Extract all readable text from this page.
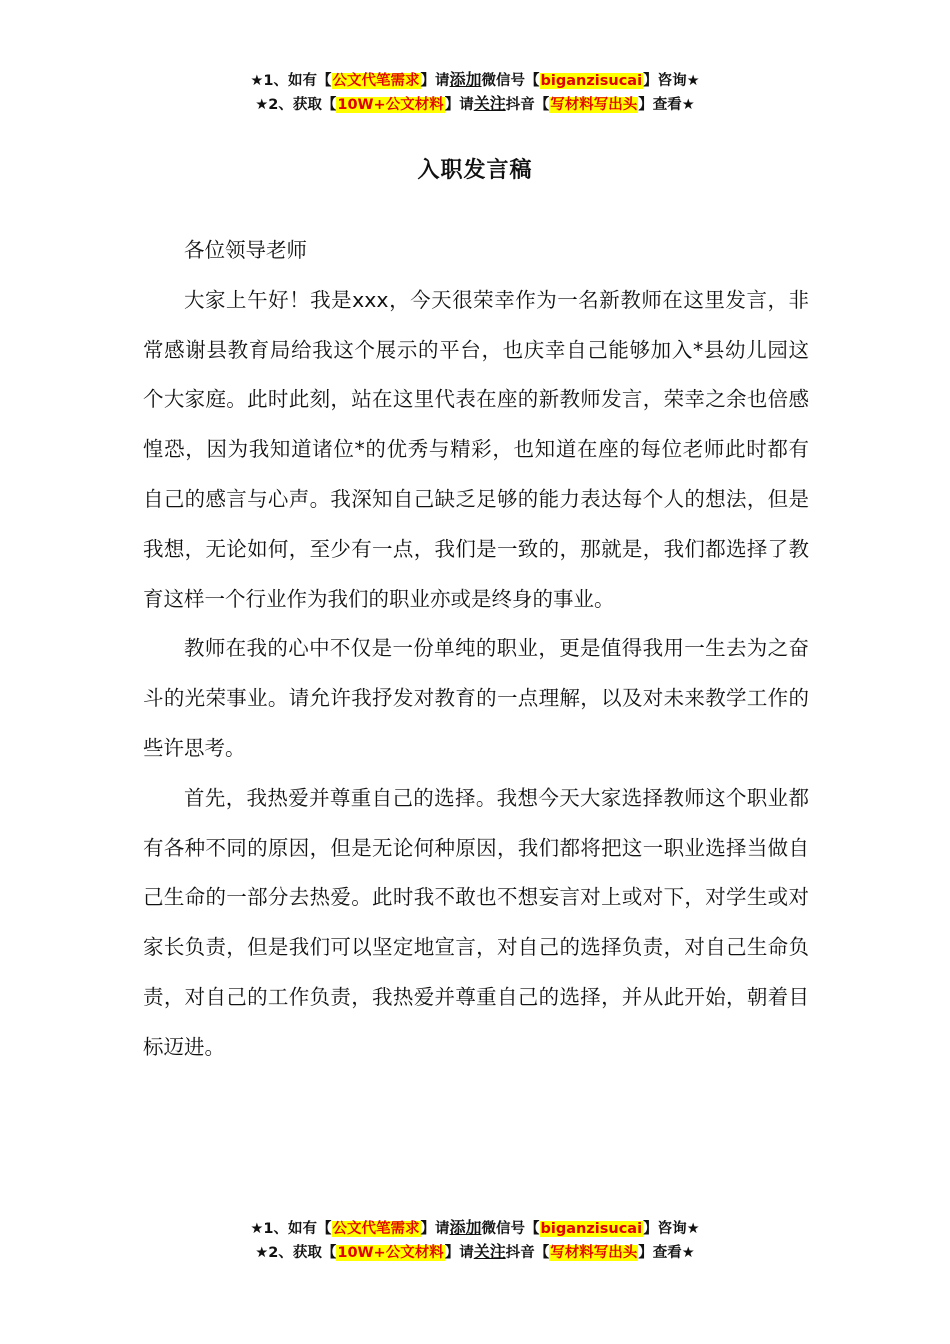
★1、如有【公文代笔需求】请添加微信号【biganzisucai】咨询★
★2、获取【10W+公文材料】请关注抖音【写材料写出头】查看★
入职发言稿

各位领导老师

大家上午好！我是xxx，今天很荣幸作为一名新教师在这里发言，非常感谢县教育局给我这个展示的平台，也庆幸自己能够加入*县幼儿园这个大家庭。此时此刻，站在这里代表在座的新教师发言，荣幸之余也倍感惶恐，因为我知道诸位*的优秀与精彩，也知道在座的每位老师此时都有自己的感言与心声。我深知自己缺乏足够的能力表达每个人的想法，但是我想，无论如何，至少有一点，我们是一致的，那就是，我们都选择了教育这样一个行业作为我们的职业亦或是终身的事业。

教师在我的心中不仅是一份单纯的职业，更是值得我用一生去为之奋斗的光荣事业。请允许我抒发对教育的一点理解，以及对未来教学工作的些许思考。

首先，我热爱并尊重自己的选择。我想今天大家选择教师这个职业都有各种不同的原因，但是无论何种原因，我们都将把这一职业选择当做自己生命的一部分去热爱。此时我不敢也不想妄言对上或对下，对学生或对家长负责，但是我们可以坚定地宣言，对自己的选择负责，对自己生命负责，对自己的工作负责，我热爱并尊重自己的选择，并从此开始，朝着目标迈进。

★1、如有【公文代笔需求】请添加微信号【biganzisucai】咨询★
★2、获取【10W+公文材料】请关注抖音【写材料写出头】查看★
